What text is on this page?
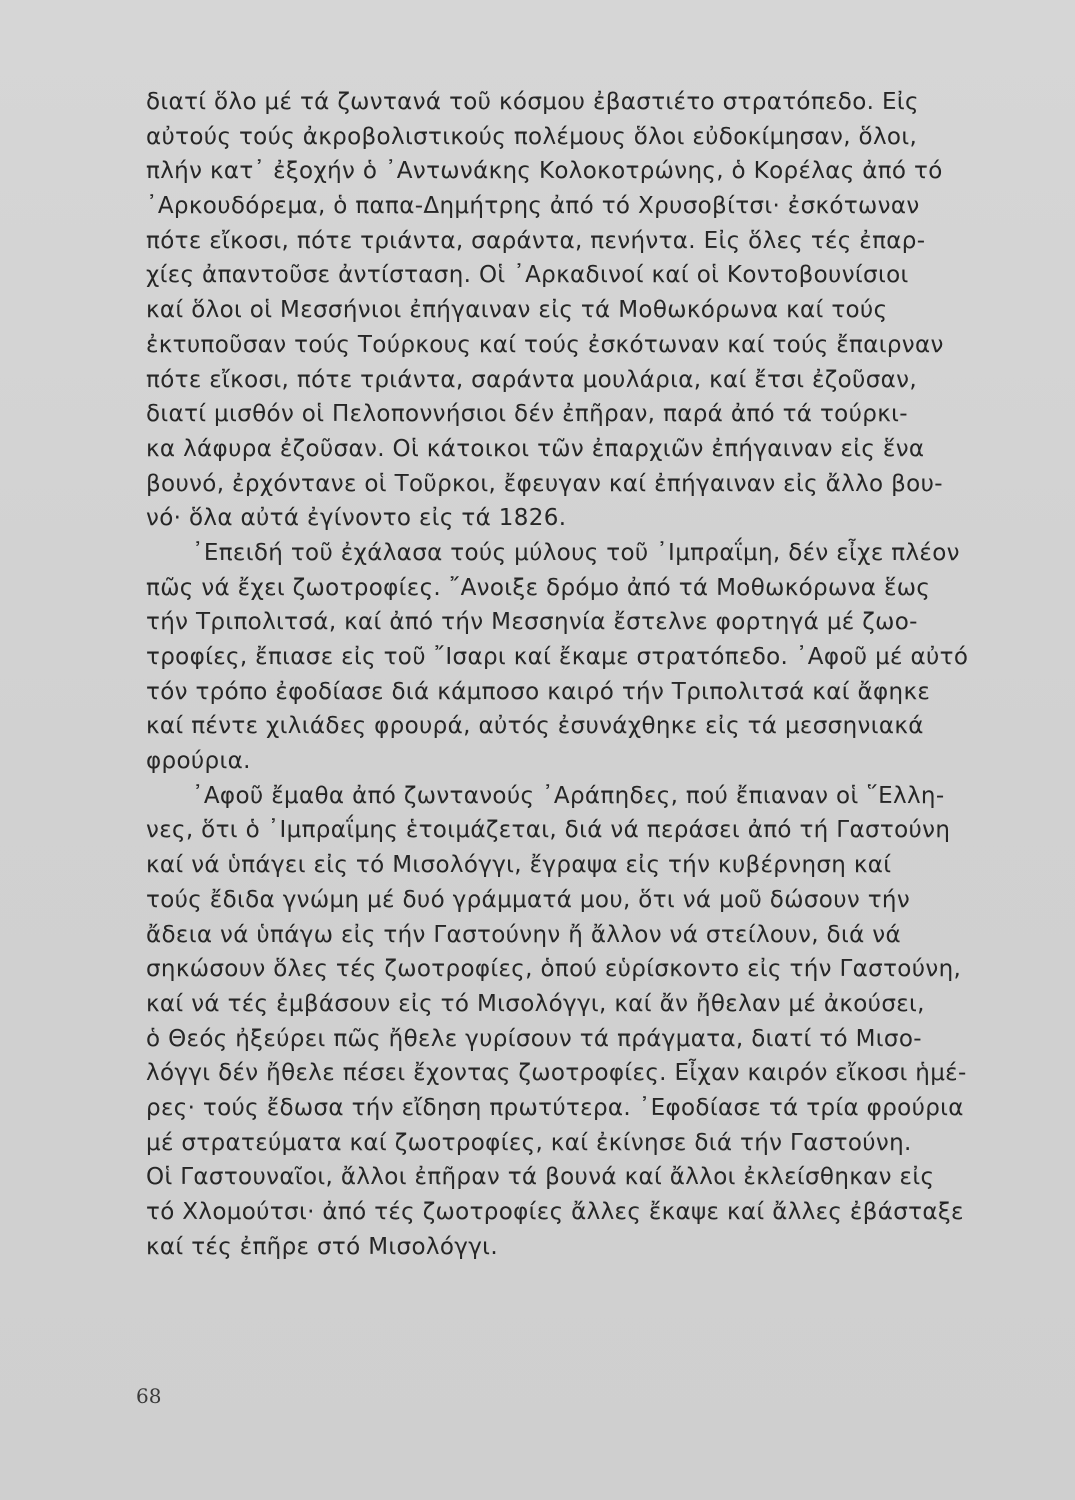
διατί ὅλο μέ τά ζωντανά τοῦ κόσμου ἐβαστιέτο στρατόπεδο. Εἰς
αὐτούς τούς ἀκροβολιστικούς πολέμους ὅλοι εὐδοκίμησαν, ὅλοι,
πλήν κατ᾽ ἐξοχήν ὁ ᾿Αντωνάκης Κολοκοτρώνης, ὁ Κορέλας ἀπό τό
᾿Αρκουδόρεμα, ὁ παπα-Δημήτρης ἀπό τό Χρυσοβίτσι· ἐσκότωναν
πότε εἴκοσι, πότε τριάντα, σαράντα, πενήντα. Εἰς ὅλες τές ἐπαρ-
χίες ἀπαντοῦσε ἀντίσταση. Οἱ ᾿Αρκαδινοί καί οἱ Κοντοβουνίσιοι
καί ὅλοι οἱ Μεσσήνιοι ἐπήγαιναν εἰς τά Μοθωκόρωνα καί τούς
ἐκτυποῦσαν τούς Τούρκους καί τούς ἐσκότωναν καί τούς ἔπαιρναν
πότε εἴκοσι, πότε τριάντα, σαράντα μουλάρια, καί ἔτσι ἐζοῦσαν,
διατί μισθόν οἱ Πελοποννήσιοι δέν ἐπῆραν, παρά ἀπό τά τούρκι-
κα λάφυρα ἐζοῦσαν. Οἱ κάτοικοι τῶν ἐπαρχιῶν ἐπήγαιναν εἰς ἕνα
βουνό, ἐρχόντανε οἱ Τοῦρκοι, ἔφευγαν καί ἐπήγαιναν εἰς ἄλλο βου-
νό· ὅλα αὐτά ἐγίνοντο εἰς τά 1826.
᾿Επειδή τοῦ ἐχάλασα τούς μύλους τοῦ ᾿Ιμπραΐμη, δέν εἶχε πλέον
πῶς νά ἔχει ζωοτροφίες. ῎Ανοιξε δρόμο ἀπό τά Μοθωκόρωνα ἕως
τήν Τριπολιτσά, καί ἀπό τήν Μεσσηνία ἔστελνε φορτηγά μέ ζωο-
τροφίες, ἔπιασε εἰς τοῦ ῎Ισαρι καί ἔκαμε στρατόπεδο. ᾿Αφοῦ μέ αὐτό
τόν τρόπο ἐφοδίασε διά κάμποσο καιρό τήν Τριπολιτσά καί ἄφηκε
καί πέντε χιλιάδες φρουρά, αὐτός ἐσυνάχθηκε εἰς τά μεσσηνιακά
φρούρια.
᾿Αφοῦ ἔμαθα ἀπό ζωντανούς ᾿Αράπηδες, πού ἔπιαναν οἱ ῞Ελλη-
νες, ὅτι ὁ ᾿Ιμπραΐμης ἑτοιμάζεται, διά νά περάσει ἀπό τή Γαστούνη
καί νά ὑπάγει εἰς τό Μισολόγγι, ἔγραψα εἰς τήν κυβέρνηση καί
τούς ἔδιδα γνώμη μέ δυό γράμματά μου, ὅτι νά μοῦ δώσουν τήν
ἄδεια νά ὑπάγω εἰς τήν Γαστούνην ἤ ἄλλον νά στείλουν, διά νά
σηκώσουν ὅλες τές ζωοτροφίες, ὁπού εὑρίσκοντο εἰς τήν Γαστούνη,
καί νά τές ἐμβάσουν εἰς τό Μισολόγγι, καί ἄν ἤθελαν μέ ἀκούσει,
ὁ Θεός ἠξεύρει πῶς ἤθελε γυρίσουν τά πράγματα, διατί τό Μισο-
λόγγι δέν ἤθελε πέσει ἔχοντας ζωοτροφίες. Εἶχαν καιρόν εἴκοσι ἡμέ-
ρες· τούς ἔδωσα τήν εἴδηση πρωτύτερα. ᾿Εφοδίασε τά τρία φρούρια
μέ στρατεύματα καί ζωοτροφίες, καί ἐκίνησε διά τήν Γαστούνη.
Οἱ Γαστουναῖοι, ἄλλοι ἐπῆραν τά βουνά καί ἄλλοι ἐκλείσθηκαν εἰς
τό Χλομούτσι· ἀπό τές ζωοτροφίες ἄλλες ἔκαψε καί ἄλλες ἐβάσταξε
καί τές ἐπῆρε στό Μισολόγγι.
68
